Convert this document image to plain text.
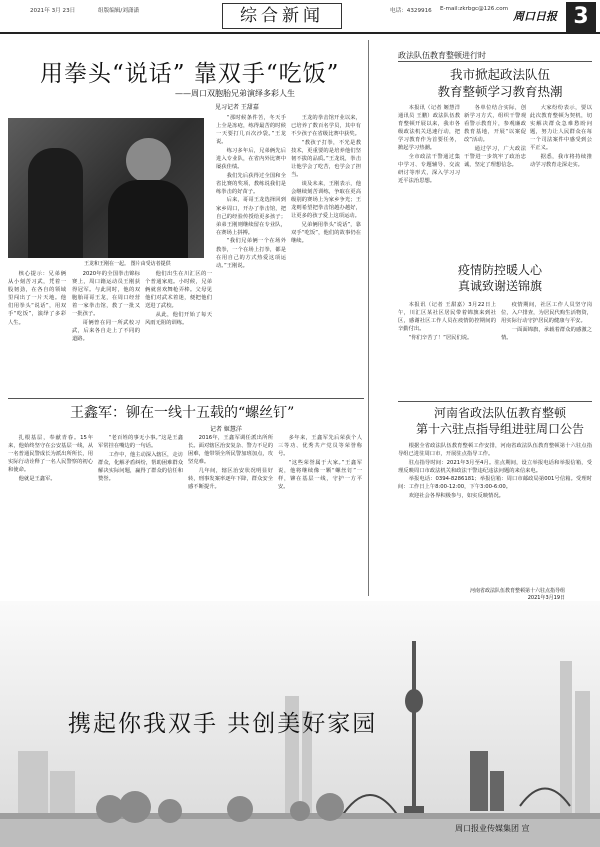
2021年 3月 23日	组版编辑/刘潇潇	综合新闻	电话：4329916 E-mail:zkrbgc@126.com
周口日报 3
用拳头“说话” 靠双手“吃饭”
——周口双胞胎兄弟演绎多彩人生
见习记者 王甜嘉
王龙和王刚在一起。 图片由受访者提供

核心提示：兄弟俩从小刻苦习武，凭着一股韧劲，在各自的领域里闯出了一片天地。他们用拳头“说话”，用双手“吃饭”，演绎了多彩人生。

2020年的全国拳击锦标赛上，周口籍运动员王刚获得冠军。与此同时，他的双胞胎哥哥王龙，在周口经营着一家拳击馆，教了一批又一批孩子。

哥俩曾在同一所武校习武，后来各自走上了不同的道路。

他们出生在川汇区的一个普通家庭。小时候，兄弟俩就喜欢舞枪弄棒。父母见他们对武术着迷，便把他们送进了武校。

从此，他们开始了每天风雨无阻的训练。

“那时候条件苦，冬天手上全是冻疮，练得最苦的时候一天要打几百次沙袋。”王龙说。

练习多年后，兄弟俩先后进入专业队，在省内外比赛中屡获佳绩。

我们先后获得过全国和全省比赛的奖项，教练说我们是练拳击的好苗子。

后来，哥哥王龙选择回到家乡周口，开办了拳击馆，把自己的经验传授给更多孩子；弟弟王刚则继续留在专业队，在赛场上拼搏。

“我们兄弟俩一个在场外教拳，一个在场上打拳，都是在用自己的方式热爱这项运动。”王刚说。

王龙的拳击馆开业以来，已培养了数百名学员，其中有不少孩子在省级比赛中获奖。

“教孩子打拳，不光是教技术，更重要的是培养他们坚韧不拔的品质。”王龙说，拳击让他学会了吃苦，也学会了担当。

谈及未来，王刚表示，他会继续刻苦训练，争取在更高级别的赛场上为家乡争光；王龙则希望把拳击馆越办越好，让更多的孩子爱上这项运动。

兄弟俩用拳头“说话”，靠双手“吃饭”，他们的故事仍在继续。

王鑫军：铆在一线十五载的“螺丝钉”
记者 姬慧洋

扎根基层，奉献青春。15年来，他始终坚守在公安基层一线，从一名普通民警成长为派出所所长，用实际行动诠释了一名人民警察的初心和使命。

他就是王鑫军。

“老百姓的事无小事。”这是王鑫军常挂在嘴边的一句话。

工作中，他主动深入辖区，走访群众，化解矛盾纠纷，帮助困难群众解决实际问题，赢得了群众的信任和赞誉。

2016年，王鑫军调任派出所所长。面对辖区治安复杂、警力不足的困难，他带领全所民警加班加点，攻坚克难。

几年间，辖区治安状况明显好转，刑事发案率逐年下降，群众安全感不断提升。

多年来，王鑫军先后荣获个人三等功、优秀共产党员等荣誉称号。

“这些荣誉属于大家。”王鑫军说，他将继续像一颗“螺丝钉”一样，铆在基层一线，守护一方平安。

政法队伍教育整顿进行时
我市掀起政法队伍
教育整顿学习教育热潮

本报讯（记者 姬慧洋 通讯员 王鹏）政法队伍教育整顿开展以来，我市各级政法机关迅速行动，把学习教育作为首要任务，掀起学习热潮。

全市政法干警通过集中学习、专题辅导、交流研讨等形式，深入学习习近平法治思想。

各单位结合实际，创新学习方式，组织干警观看警示教育片，参观廉政教育基地，开展“以案促改”活动。

通过学习，广大政法干警进一步筑牢了政治忠诚，坚定了理想信念。

大家纷纷表示，要以此次教育整顿为契机，切实解决群众急难愁盼问题，努力让人民群众在每一个司法案件中感受到公平正义。

据悉，我市将持续推动学习教育走深走实。

疫情防控暖人心
真诚致谢送锦旗

本报讯（记者 王甜嘉）3月22日上午，川汇区某社区居民带着锦旗来到社区，感谢社区工作人员在疫情防控期间的辛勤付出。

“你们辛苦了！”居民们说。

疫情期间，社区工作人员坚守岗位，入户排查，为居民代购生活物资，用实际行动守护居民的健康与平安。

一面面锦旗，承载着群众的感激之情。

河南省政法队伍教育整顿
第十六驻点指导组进驻周口公告

根据全省政法队伍教育整顿工作安排，河南省政法队伍教育整顿第十六驻点指导组已进驻周口市，开展驻点指导工作。

驻点指导时间：2021年3月至4月。驻点期间，设立举报电话和举报信箱，受理反映周口市政法机关和政法干警违纪违法问题的来信来电。

举报电话：0394-8286181；举报信箱：周口市邮政局第001号信箱。受理时间：工作日上午8:00-12:00，下午3:00-6:00。

欢迎社会各界积极参与，如实反映情况。

河南省政法队伍教育整顿第十六驻点指导组
2021年3月19日
携起你我双手 共创美好家园
周口报业传媒集团 宣
